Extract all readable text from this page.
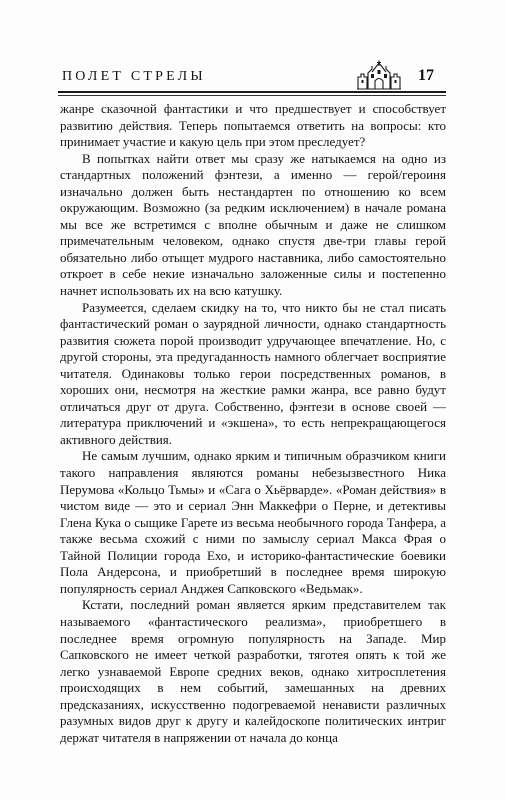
ПОЛЕТ СТРЕЛЫ	17

жанре сказочной фантастики и что предшествует и способствует развитию действия. Теперь попытаемся ответить на вопросы: кто принимает участие и какую цель при этом преследует?

В попытках найти ответ мы сразу же натыкаемся на одно из стандартных положений фэнтези, а именно — герой/героиня изначально должен быть нестандартен по отношению ко всем окружающим. Возможно (за редким исключением) в начале романа мы все же встретимся с вполне обычным и даже не слишком примечательным человеком, однако спустя две-три главы герой обязательно либо отыщет мудрого наставника, либо самостоятельно откроет в себе некие изначально заложенные силы и постепенно начнет использовать их на всю катушку.

Разумеется, сделаем скидку на то, что никто бы не стал писать фантастический роман о заурядной личности, однако стандартность развития сюжета порой производит удручающее впечатление. Но, с другой стороны, эта предугаданность намного облегчает восприятие читателя. Одинаковы только герои посредственных романов, в хороших они, несмотря на жесткие рамки жанра, все равно будут отличаться друг от друга. Собственно, фэнтези в основе своей — литература приключений и «экшена», то есть непрекращающегося активного действия.

Не самым лучшим, однако ярким и типичным образчиком книги такого направления являются романы небезызвестного Ника Перумова «Кольцо Тьмы» и «Сага о Хьёрварде». «Роман действия» в чистом виде — это и сериал Энн Маккефри о Перне, и детективы Глена Кука о сыщике Гарете из весьма необычного города Танфера, а также весьма схожий с ними по замыслу сериал Макса Фрая о Тайной Полиции города Ехо, и историко-фантастические боевики Пола Андерсона, и приобретший в последнее время широкую популярность сериал Анджея Сапковского «Ведьмак».

Кстати, последний роман является ярким представителем так называемого «фантастического реализма», приобретшего в последнее время огромную популярность на Западе. Мир Сапковского не имеет четкой разработки, тяготея опять к той же легко узнаваемой Европе средних веков, однако хитросплетения происходящих в нем событий, замешанных на древних предсказаниях, искусственно подогреваемой ненависти различных разумных видов друг к другу и калейдоскопе политических интриг держат читателя в напряжении от начала до конца
